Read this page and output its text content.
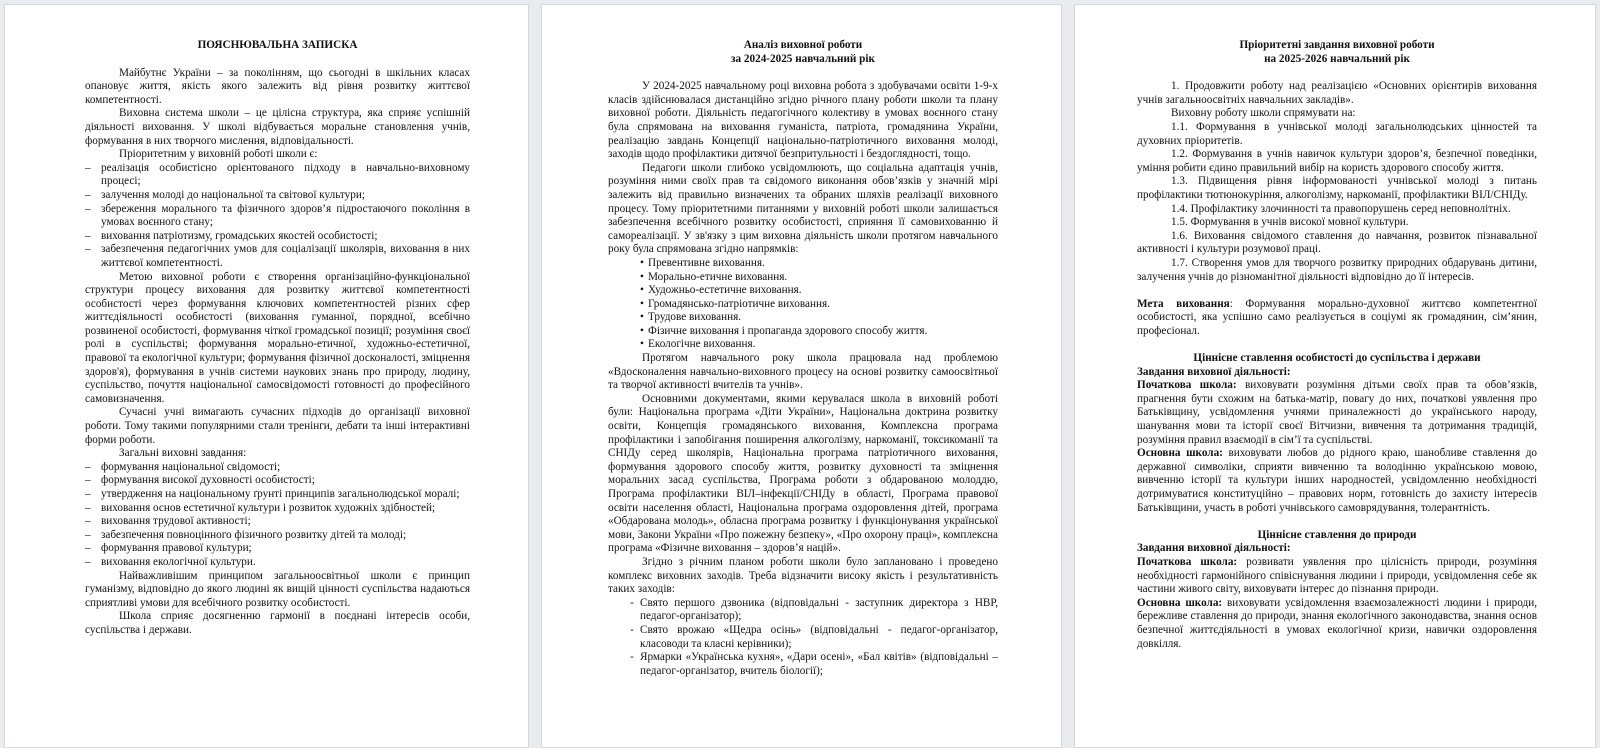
ПОЯСНЮВАЛЬНА ЗАПИСКА

Майбутнє України – за поколінням, що сьогодні в шкільних класах опановує життя, якість якого залежить від рівня розвитку життєвої компетентності.

Виховна система школи – це цілісна структура, яка сприяє успішній діяльності виховання. У школі відбувається моральне становлення учнів, формування в них творчого мислення, відповідальності.

Пріоритетним у виховній роботі школи є:

– реалізація особистісно орієнтованого підходу в навчально-виховному процесі;

– залучення молоді до національної та світової культури;

– збереження морального та фізичного здоров’я підростаючого покоління в умовах воєнного стану;

– виховання патріотизму, громадських якостей особистості;

– забезпечення педагогічних умов для соціалізації школярів, виховання в них життєвої компетентності.

Метою виховної роботи є створення організаційно-функціональної структури процесу виховання для розвитку життєвої компетентності особистості через формування ключових компетентностей різних сфер життєдіяльності особистості (виховання гуманної, порядної, всебічно розвиненої особистості, формування чіткої громадської позиції; розуміння своєї ролі в суспільстві; формування морально-етичної, художньо-естетичної, правової та екологічної культури; формування фізичної досконалості, зміцнення здоров'я), формування в учнів системи наукових знань про природу, людину, суспільство, почуття національної самосвідомості готовності до професійного самовизначення.

Сучасні учні вимагають сучасних підходів до організації виховної роботи. Тому такими популярними стали тренінги, дебати та інші інтерактивні форми роботи.

Загальні виховні завдання:

– формування національної свідомості;

– формування високої духовності особистості;

– утвердження на національному ґрунті принципів загальнолюдської моралі;

– виховання основ естетичної культури і розвиток художніх здібностей;

– виховання трудової активності;

– забезпечення повноцінного фізичного розвитку дітей та молоді;

– формування правової культури;

– виховання екологічної культури.

Найважливішим принципом загальноосвітньої школи є принцип гуманізму, відповідно до якого людині як вищій цінності суспільства надаються сприятливі умови для всебічного розвитку особистості.

Школа сприяє досягненню гармонії в поєднані інтересів особи, суспільства і держави.

Аналіз виховної роботи

за 2024-2025 навчальний рік

У 2024-2025 навчальному році виховна робота з здобувачами освіти 1-9-х класів здійснювалася дистанційно згідно річного плану роботи школи та плану виховної роботи. Діяльність педагогічного колективу в умовах воєнного стану була спрямована на виховання гуманіста, патріота, громадянина України, реалізацію завдань Концепції національно-патріотичного виховання молоді, заходів щодо профілактики дитячої безпритульності і бездоглядності, тощо.

Педагоги школи глибоко усвідомлюють, що соціальна адаптація учнів, розуміння ними своїх прав та свідомого виконання обов’язків у значній мірі залежить від правильно визначених та обраних шляхів реалізації виховного процесу. Тому пріоритетними питаннями у виховній роботі школи залишається забезпечення всебічного розвитку особистості, сприяння її самовихованню й самореалізації. У зв'язку з цим виховна діяльність школи протягом навчального року була спрямована згідно напрямків:

• Превентивне виховання.

• Морально-етичне виховання.

• Художньо-естетичне виховання.

• Громадянсько-патріотичне виховання.

• Трудове виховання.

• Фізичне виховання і пропаганда здорового способу життя.

• Екологічне виховання.

Протягом навчального року школа працювала над проблемою «Вдосконалення навчально-виховного процесу на основі розвитку самоосвітньої та творчої активності вчителів та учнів».

Основними документами, якими керувалася школа в виховній роботі були: Національна програма «Діти України», Національна доктрина розвитку освіти, Концепція громадянського виховання, Комплексна програма профілактики і запобігання поширення алкоголізму, наркоманії, токсикоманії та СНІДу серед школярів, Національна програма патріотичного виховання, формування здорового способу життя, розвитку духовності та зміцнення моральних засад суспільства, Програма роботи з обдарованою молоддю, Програма профілактики ВІЛ–інфекції/СНІДу в області, Програма правової освіти населення області, Національна програма оздоровлення дітей, програма «Обдарована молодь», обласна програма розвитку і функціонування української мови, Закони України «Про пожежну безпеку», «Про охорону праці», комплексна програма «Фізичне виховання – здоров’я націй».

Згідно з річним планом роботи школи було заплановано і проведено комплекс виховних заходів. Треба відзначити високу якість і результативність таких заходів:

- Свято першого дзвоника (відповідальні - заступник директора з НВР, педагог-організатор);

- Свято врожаю «Щедра осінь» (відповідальні - педагог-організатор, класоводи та класні керівники);

- Ярмарки «Українська кухня», «Дари осені», «Бал квітів» (відповідальні – педагог-організатор, вчитель біології);

Пріоритетні завдання виховної роботи

на 2025-2026 навчальний рік

1. Продовжити роботу над реалізацією «Основних орієнтирів виховання учнів загальноосвітніх навчальних закладів».

Виховну роботу школи спрямувати на:

1.1. Формування в учнівської молоді загальнолюдських цінностей та духовних пріоритетів.

1.2. Формування в учнів навичок культури здоров’я, безпечної поведінки, уміння робити єдино правильний вибір на користь здорового способу життя.

1.3. Підвищення рівня інформованості учнівської молоді з питань профілактики тютюнокуріння, алкоголізму, наркоманії, профілактики ВІЛ/СНІДу.

1.4. Профілактику злочинності та правопорушень серед неповнолітніх.

1.5. Формування в учнів високої мовної культури.

1.6. Виховання свідомого ставлення до навчання, розвиток пізнавальної активності і культури розумової праці.

1.7. Створення умов для творчого розвитку природних обдарувань дитини, залучення учнів до різноманітної діяльності відповідно до її інтересів.

Мета виховання: Формування морально-духовної життєво компетентної особистості, яка успішно само реалізується в соціумі як громадянин, сім’янин, професіонал.

Ціннісне ставлення особистості до суспільства і держави

Завдання виховної діяльності:

Початкова школа: виховувати розуміння дітьми своїх прав та обов’язків, прагнення бути схожим на батька-матір, повагу до них, початкові уявлення про Батьківщину, усвідомлення учнями приналежності до українського народу, шанування мови та історії своєї Вітчизни, вивчення та дотримання традицій, розуміння правил взаємодії в сім’ї та суспільстві.

Основна школа: виховувати любов до рідного краю, шанобливе ставлення до державної символіки, сприяти вивченню та володінню українською мовою, вивченню історії та культури інших народностей, усвідомленню необхідності дотримуватися конституційно – правових норм, готовність до захисту інтересів Батьківщини, участь в роботі учнівського самоврядування, толерантність.

Ціннісне ставлення до природи

Завдання виховної діяльності:

Початкова школа: розвивати уявлення про цілісність природи, розуміння необхідності гармонійного співіснування людини і природи, усвідомлення себе як частини живого світу, виховувати інтерес до пізнання природи.

Основна школа: виховувати усвідомлення взаємозалежності людини і природи, бережливе ставлення до природи, знання екологічного законодавства, знання основ безпечної життєдіяльності в умовах екологічної кризи, навички оздоровлення довкілля.
